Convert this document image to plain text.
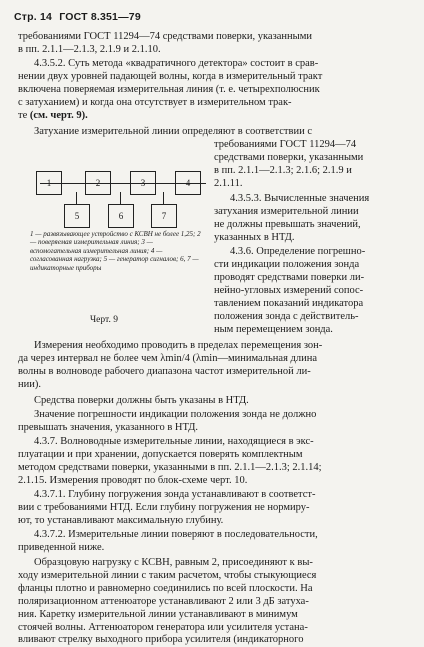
Стр. 14 ГОСТ 8.351—79
требованиями ГОСТ 11294—74 средствами поверки, указанными
в пп. 2.1.1—2.1.3, 2.1.9 и 2.1.10.
4.3.5.2. Суть метода «квадратичного детектора» состоит в срав-
нении двух уровней падающей волны, когда в измерительный тракт
включена поверяемая измерительная линия (т. е. четырехполюсник
с затуханием) и когда она отсутствует в измерительном трак-
те (см. черт. 9).
Затухание измерительной линии определяют в соответствии с
требованиями ГОСТ 11294—74
средствами поверки, указанными
в пп. 2.1.1—2.1.3; 2.1.6; 2.1.9 и
2.1.11.
4.3.5.3. Вычисленные значения
затухания измерительной линии
не должны превышать значений,
указанных в НТД.
4.3.6. Определение погрешно-
сти индикации положения зонда
проводят средствами поверки ли-
нейно-угловых измерений сопос-
тавлением показаний индикатора
положения зонда с действитель-
ным перемещением зонда.
1	2	3	4
5	6	7
1 — развязывающее устройство с КСВН не более 1,25; 2 — поверяемая измерительная линия; 3 — вспомогательная измерительная линия; 4 — согласованная нагрузка; 5 — генератор сигналов; 6, 7 — индикаторные приборы
Черт. 9
Измерения необходимо проводить в пределах перемещения зон-
да через интервал не более чем λmin/4 (λmin—минимальная длина
волны в волноводе рабочего диапазона частот измерительной ли-
нии).
Средства поверки должны быть указаны в НТД.
Значение погрешности индикации положения зонда не должно
превышать значения, указанного в НТД.
4.3.7. Волноводные измерительные линии, находящиеся в экс-
плуатации и при хранении, допускается поверять комплектным
методом средствами поверки, указанными в пп. 2.1.1—2.1.3; 2.1.14;
2.1.15. Измерения проводят по блок-схеме черт. 10.
4.3.7.1. Глубину погружения зонда устанавливают в соответст-
вии с требованиями НТД. Если глубину погружения не нормиру-
ют, то устанавливают максимальную глубину.
4.3.7.2. Измерительные линии поверяют в последовательности,
приведенной ниже.
Образцовую нагрузку с КСВН, равным 2, присоединяют к вы-
ходу измерительной линии с таким расчетом, чтобы стыкующиеся
фланцы плотно и равномерно соединились по всей плоскости. На
поляризационном аттенюаторе устанавливают 2 или 3 дБ затуха-
ния. Каретку измерительной линии устанавливают в минимум
стоячей волны. Аттенюатором генератора или усилителя устана-
вливают стрелку выходного прибора усилителя (индикаторного
